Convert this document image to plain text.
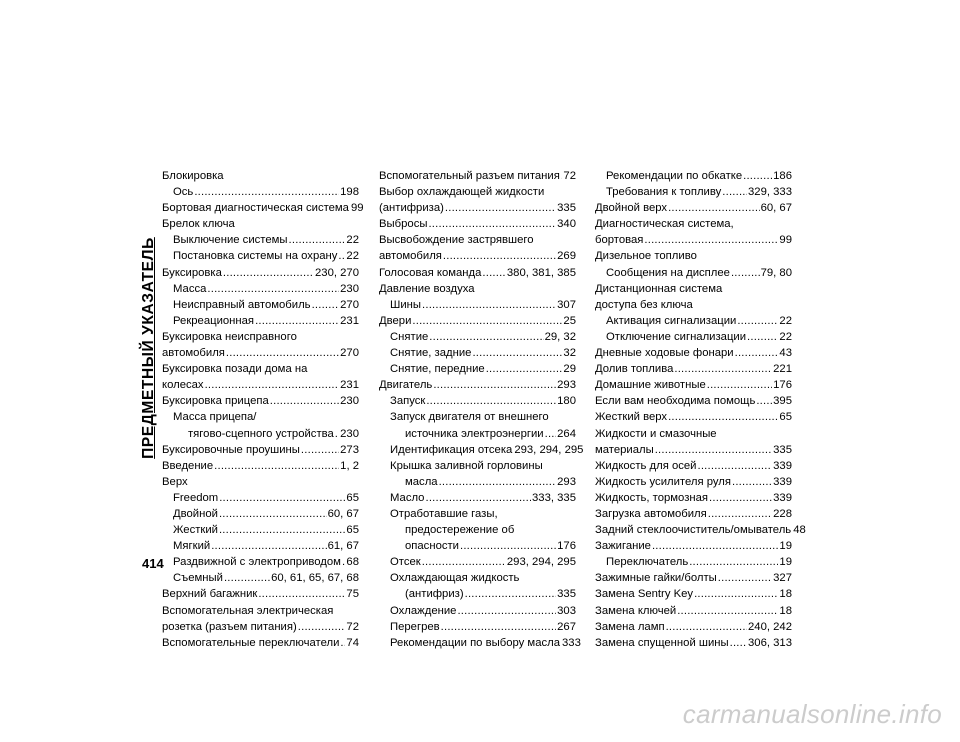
ПРЕДМЕТНЫЙ УКАЗАТЕЛЬ
Блокировка
Ось .....	198
Бортовая диагностическая система 99
Брелок ключа
Выключение системы .....	22
Постановка системы на охрану ..... 22
Буксировка .....	230, 270
Масса .....	230
Неисправный автомобиль .....	270
Рекреационная .....	231
Буксировка неисправного
автомобиля .....	270
Буксировка позади дома на
колесах .....	231
Буксировка прицепа .....	230
Масса прицепа/
тягово-сцепного устройства ..... 230
Буксировочные проушины .....	273
Введение .....	1, 2
Верх
Freedom .....	65
Двойной .....	60, 67
Жесткий .....	65
Мягкий .....	61, 67
Раздвижной с электроприводом ..... 68
Съемный .....	60, 61, 65, 67, 68
Верхний багажник .....	75
Вспомогательная электрическая
розетка (разъем питания) .....	72
Вспомогательные переключатели ..... 74
Вспомогательный разъем питания ..... 72
Выбор охлаждающей жидкости
(антифриза) .....	335
Выбросы .....	340
Высвобождение застрявшего
автомобиля .....	269
Голосовая команда ..... 380, 381, 385
Давление воздуха
Шины .....	307
Двери .....	25
Снятие .....	29, 32
Снятие, задние .....	32
Снятие, передние .....	29
Двигатель .....	293
Запуск .....	180
Запуск двигателя от внешнего
источника электроэнергии ..... 264
Идентификация отсека 293, 294, 295
Крышка заливной горловины
масла .....	293
Масло .....	333, 335
Отработавшие газы,
предостережение об
опасности .....	176
Отсек .....	293, 294, 295
Охлаждающая жидкость
(антифриз) .....	335
Охлаждение .....	303
Перегрев .....	267
Рекомендации по выбору масла 333
Рекомендации по обкатке .....	186
Требования к топливу ..... 329, 333
Двойной верх .....	60, 67
Диагностическая система,
бортовая .....	99
Дизельное топливо
Сообщения на дисплее .....	79, 80
Дистанционная система
доступа без ключа
Активация сигнализации .....	22
Отключение сигнализации .....	22
Дневные ходовые фонари .....	43
Долив топлива .....	221
Домашние животные .....	176
Если вам необходима помощь ..... 395
Жесткий верх .....	65
Жидкости и смазочные
материалы .....	335
Жидкость для осей .....	339
Жидкость усилителя руля .....	339
Жидкость, тормозная .....	339
Загрузка автомобиля .....	228
Задний стеклоочиститель/омыватель 48
Зажигание .....	19
Переключатель .....	19
Зажимные гайки/болты .....	327
Замена Sentry Key .....	18
Замена ключей .....	18
Замена ламп .....	240, 242
Замена спущенной шины ..... 306, 313
414
carmanualsonline.info
